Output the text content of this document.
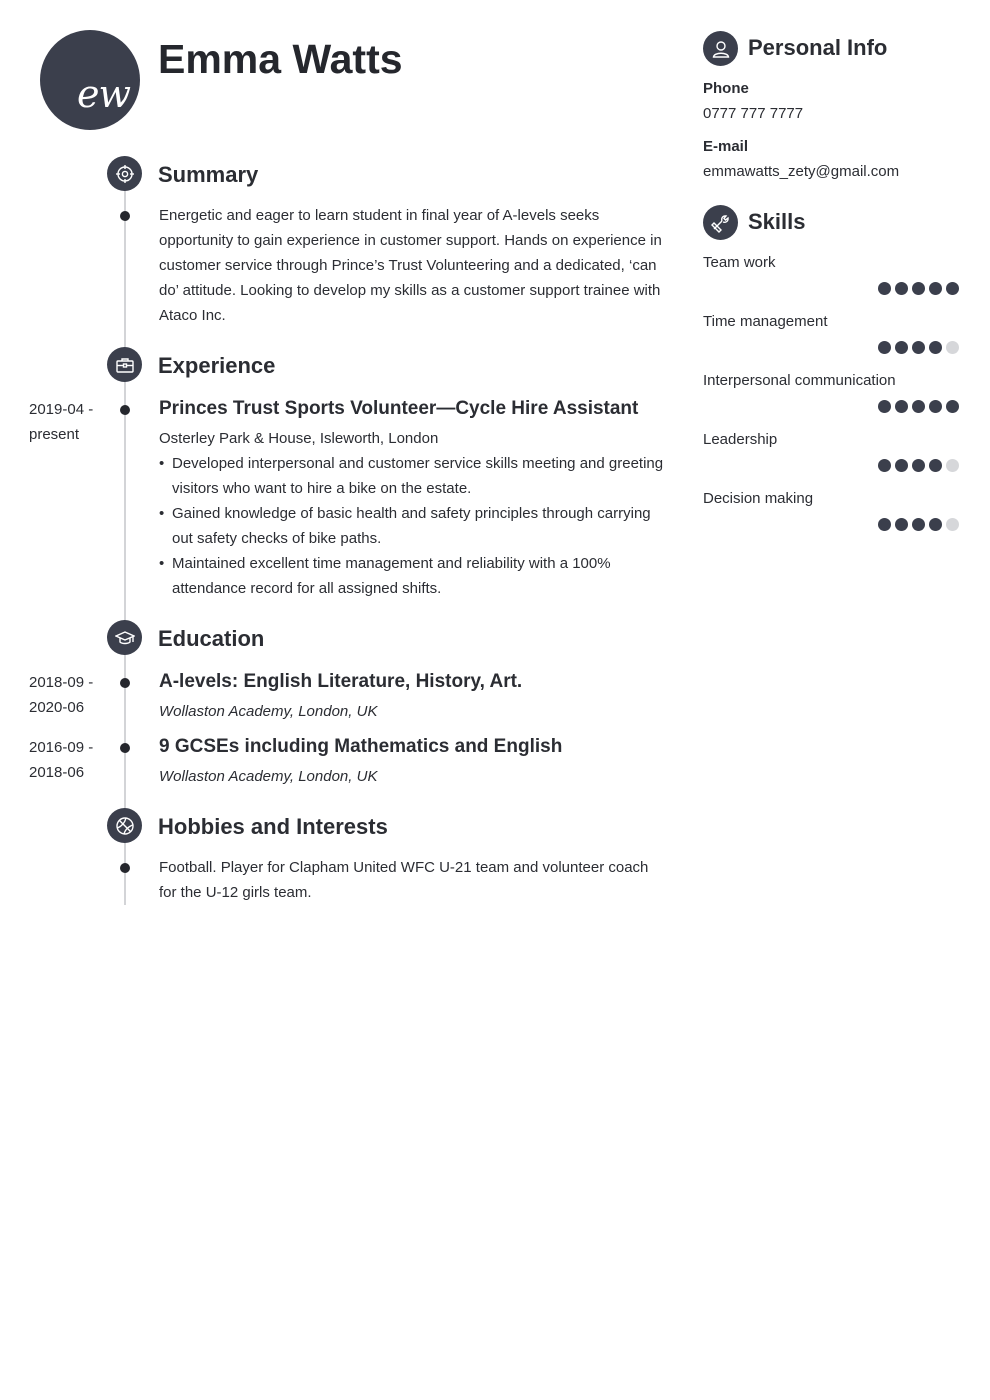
ew
Emma Watts
Summary
Energetic and eager to learn student in final year of A-levels seeks opportunity to gain experience in customer support. Hands on experience in customer service through Prince’s Trust Volunteering and a dedicated, ‘can do’ attitude. Looking to develop my skills as a customer support trainee with Ataco Inc.
Experience
2019-04 -
present
Princes Trust Sports Volunteer—Cycle Hire Assistant
Osterley Park & House, Isleworth, London
• Developed interpersonal and customer service skills meeting and greeting visitors who want to hire a bike on the estate.
• Gained knowledge of basic health and safety principles through carrying out safety checks of bike paths.
• Maintained excellent time management and reliability with a 100% attendance record for all assigned shifts.
Education
2018-09 -
2020-06
A-levels: English Literature, History, Art.
Wollaston Academy, London, UK
2016-09 -
2018-06
9 GCSEs including Mathematics and English
Wollaston Academy, London, UK
Hobbies and Interests
Football. Player for Clapham United WFC U-21 team and volunteer coach for the U-12 girls team.
Personal Info
Phone
0777 777 7777
E-mail
emmawatts_zety@gmail.com
Skills
Team work
Time management
Interpersonal communication
Leadership
Decision making
